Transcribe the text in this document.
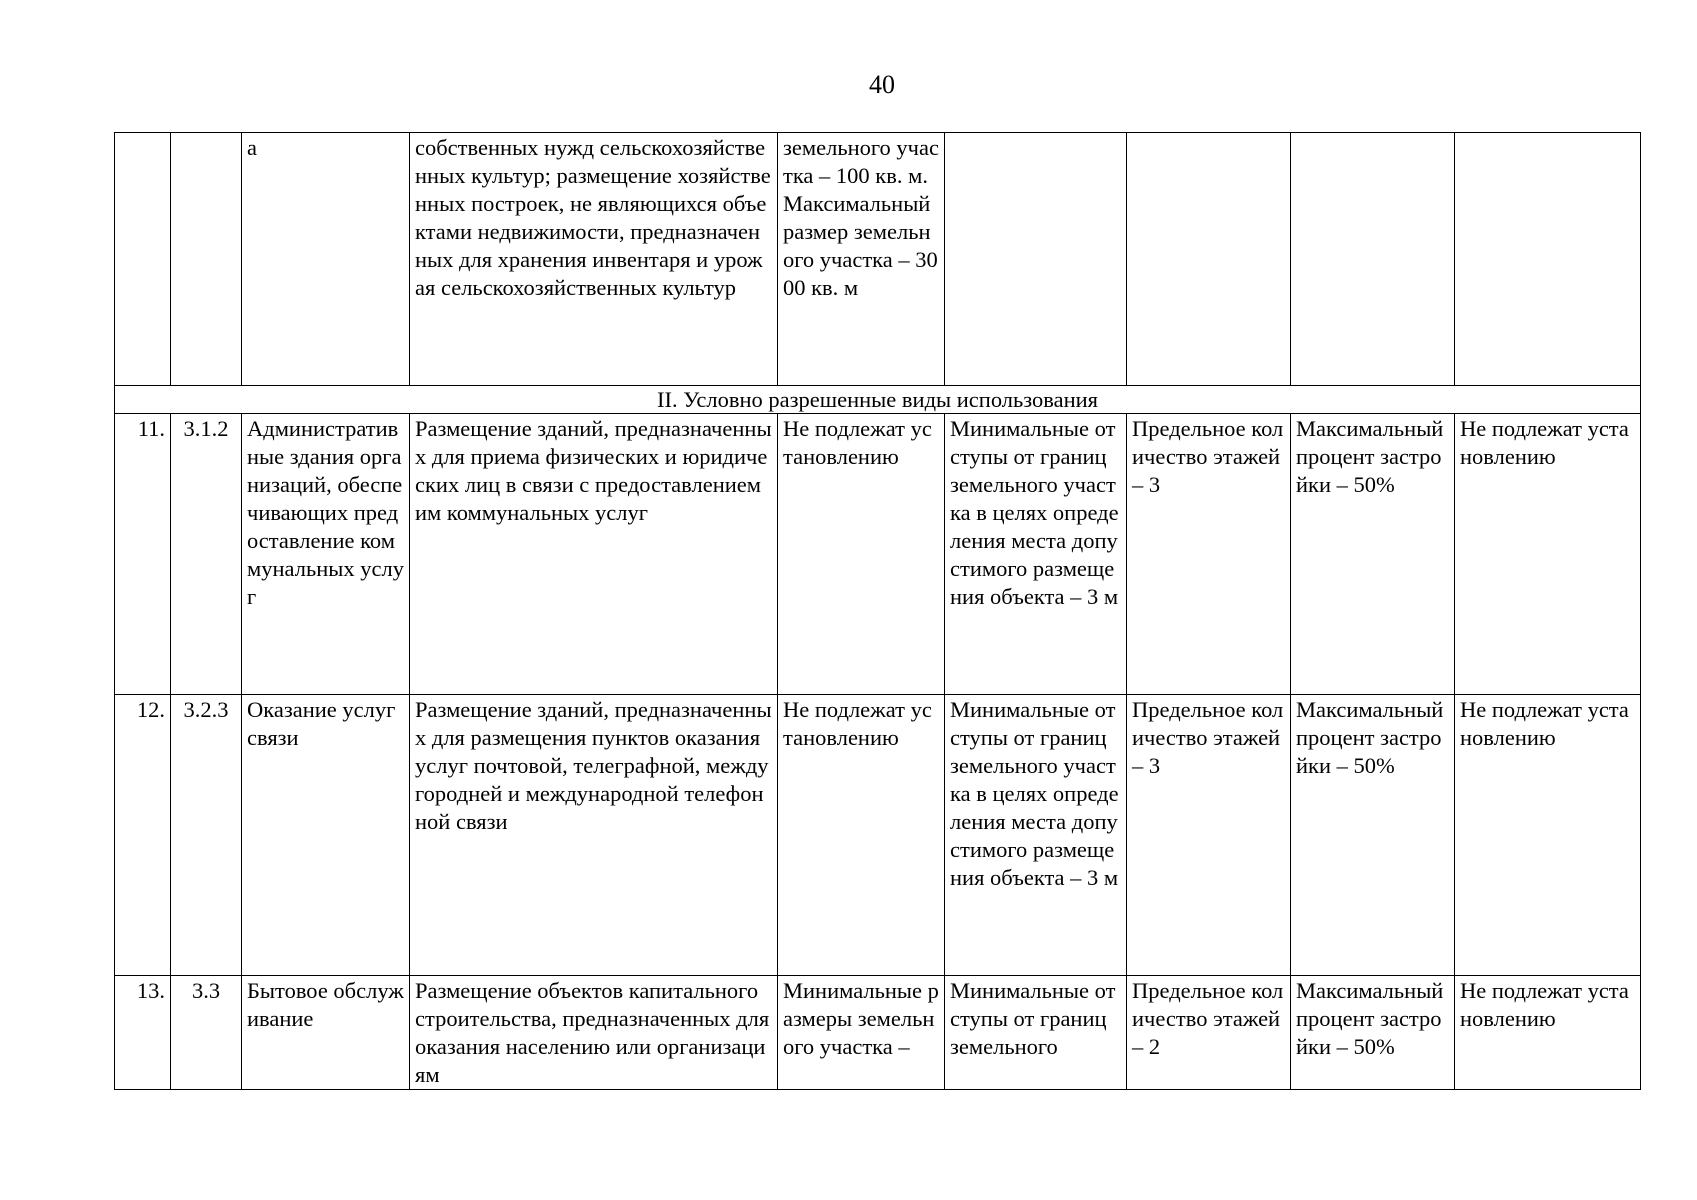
40
		а	собственных нужд сельскохозяйственных культур; размещение хозяйственных построек, не являющихся объектами недвижимости, предназначенных для хранения инвентаря и урожая сельскохозяйственных культур	земельного участка – 100 кв. м. Максимальный размер земельного участка – 3000 кв. м				
II. Условно разрешенные виды использования								
11.	3.1.2	Административные здания организаций, обеспечивающих предоставление коммунальных услуг	Размещение зданий, предназначенных для приема физических и юридических лиц в связи с предоставлением им коммунальных услуг	Не подлежат установлению	Минимальные отступы от границ земельного участка в целях определения места допустимого размещения объекта – 3 м	Предельное количество этажей – 3	Максимальный процент застройки – 50%	Не подлежат установлению
12.	3.2.3	Оказание услуг связи	Размещение зданий, предназначенных для размещения пунктов оказания услуг почтовой, телеграфной, междугородней и международной телефонной связи	Не подлежат установлению	Минимальные отступы от границ земельного участка в целях определения места допустимого размещения объекта – 3 м	Предельное количество этажей – 3	Максимальный процент застройки – 50%	Не подлежат установлению
13.	3.3	Бытовое обслуживание	Размещение объектов капитального строительства, предназначенных для оказания населению или организациям	Минимальные размеры земельного участка –	Минимальные отступы от границ земельного	Предельное количество этажей – 2	Максимальный процент застройки – 50%	Не подлежат установлению
